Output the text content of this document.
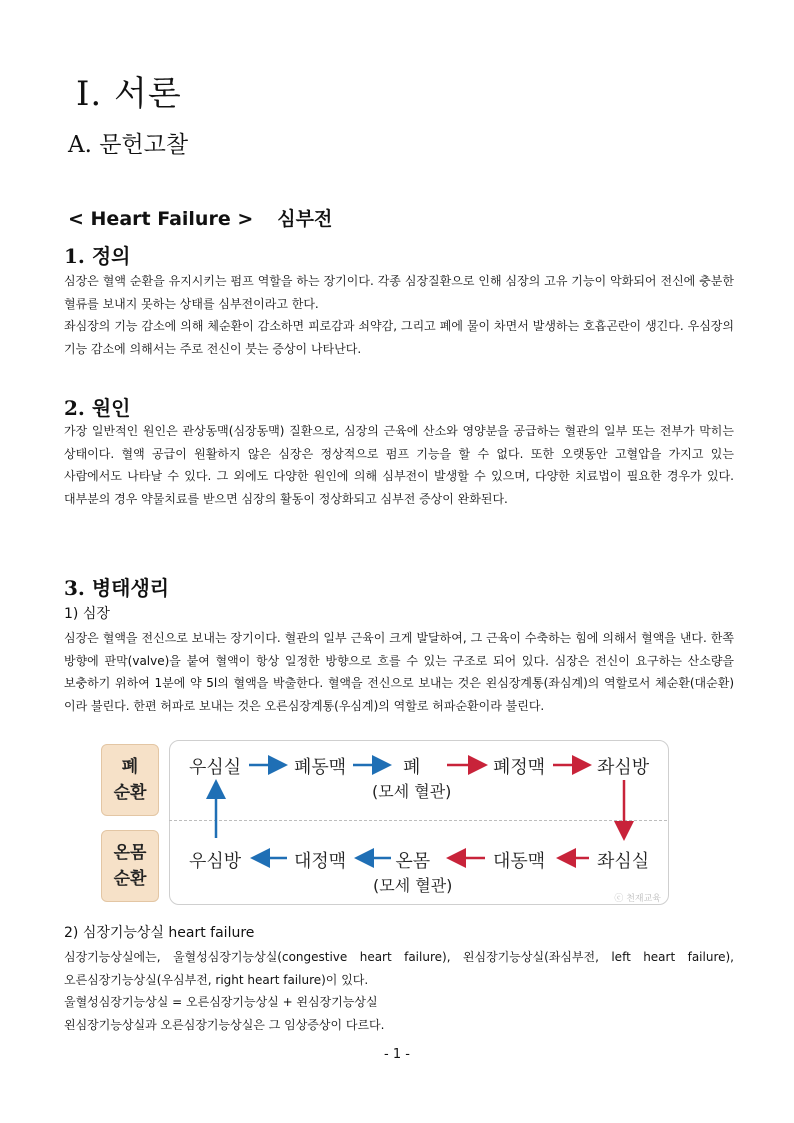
Ⅰ. 서론
A. 문헌고찰
< Heart Failure > 심부전
1. 정의

심장은 혈액 순환을 유지시키는 펌프 역할을 하는 장기이다. 각종 심장질환으로 인해 심장의 고유 기능이 악화되어 전신에 충분한 혈류를 보내지 못하는 상태를 심부전이라고 한다.

좌심장의 기능 감소에 의해 체순환이 감소하면 피로감과 쇠약감, 그리고 폐에 물이 차면서 발생하는 호흡곤란이 생긴다. 우심장의 기능 감소에 의해서는 주로 전신이 붓는 증상이 나타난다.

2. 원인

가장 일반적인 원인은 관상동맥(심장동맥) 질환으로, 심장의 근육에 산소와 영양분을 공급하는 혈관의 일부 또는 전부가 막히는 상태이다. 혈액 공급이 원활하지 않은 심장은 정상적으로 펌프 기능을 할 수 없다. 또한 오랫동안 고혈압을 가지고 있는 사람에서도 나타날 수 있다. 그 외에도 다양한 원인에 의해 심부전이 발생할 수 있으며, 다양한 치료법이 필요한 경우가 있다. 대부분의 경우 약물치료를 받으면 심장의 활동이 정상화되고 심부전 증상이 완화된다.

3. 병태생리
1) 심장

심장은 혈액을 전신으로 보내는 장기이다. 혈관의 일부 근육이 크게 발달하여, 그 근육이 수축하는 힘에 의해서 혈액을 낸다. 한쪽 방향에 판막(valve)을 붙여 혈액이 항상 일정한 방향으로 흐를 수 있는 구조로 되어 있다. 심장은 전신이 요구하는 산소량을 보충하기 위하여 1분에 약 5l의 혈액을 박출한다. 혈액을 전신으로 보내는 것은 왼심장계통(좌심계)의 역할로서 체순환(대순환)이라 불린다. 한편 허파로 보내는 것은 오른심장계통(우심계)의 역할로 허파순환이라 불린다.

폐
순환
온몸
순환
우심실	폐동맥	폐
(모세 혈관)
폐정맥	좌심방
우심방	대정맥	온몸
(모세 혈관)
대동맥	좌심실
ⓒ 천재교육
2) 심장기능상실 heart failure

심장기능상실에는, 울혈성심장기능상실(congestive heart failure), 왼심장기능상실(좌심부전, left heart failure), 오른심장기능상실(우심부전, right heart failure)이 있다.

울혈성심장기능상실 = 오른심장기능상실 + 왼심장기능상실

왼심장기능상실과 오른심장기능상실은 그 임상증상이 다르다.

- 1 -
